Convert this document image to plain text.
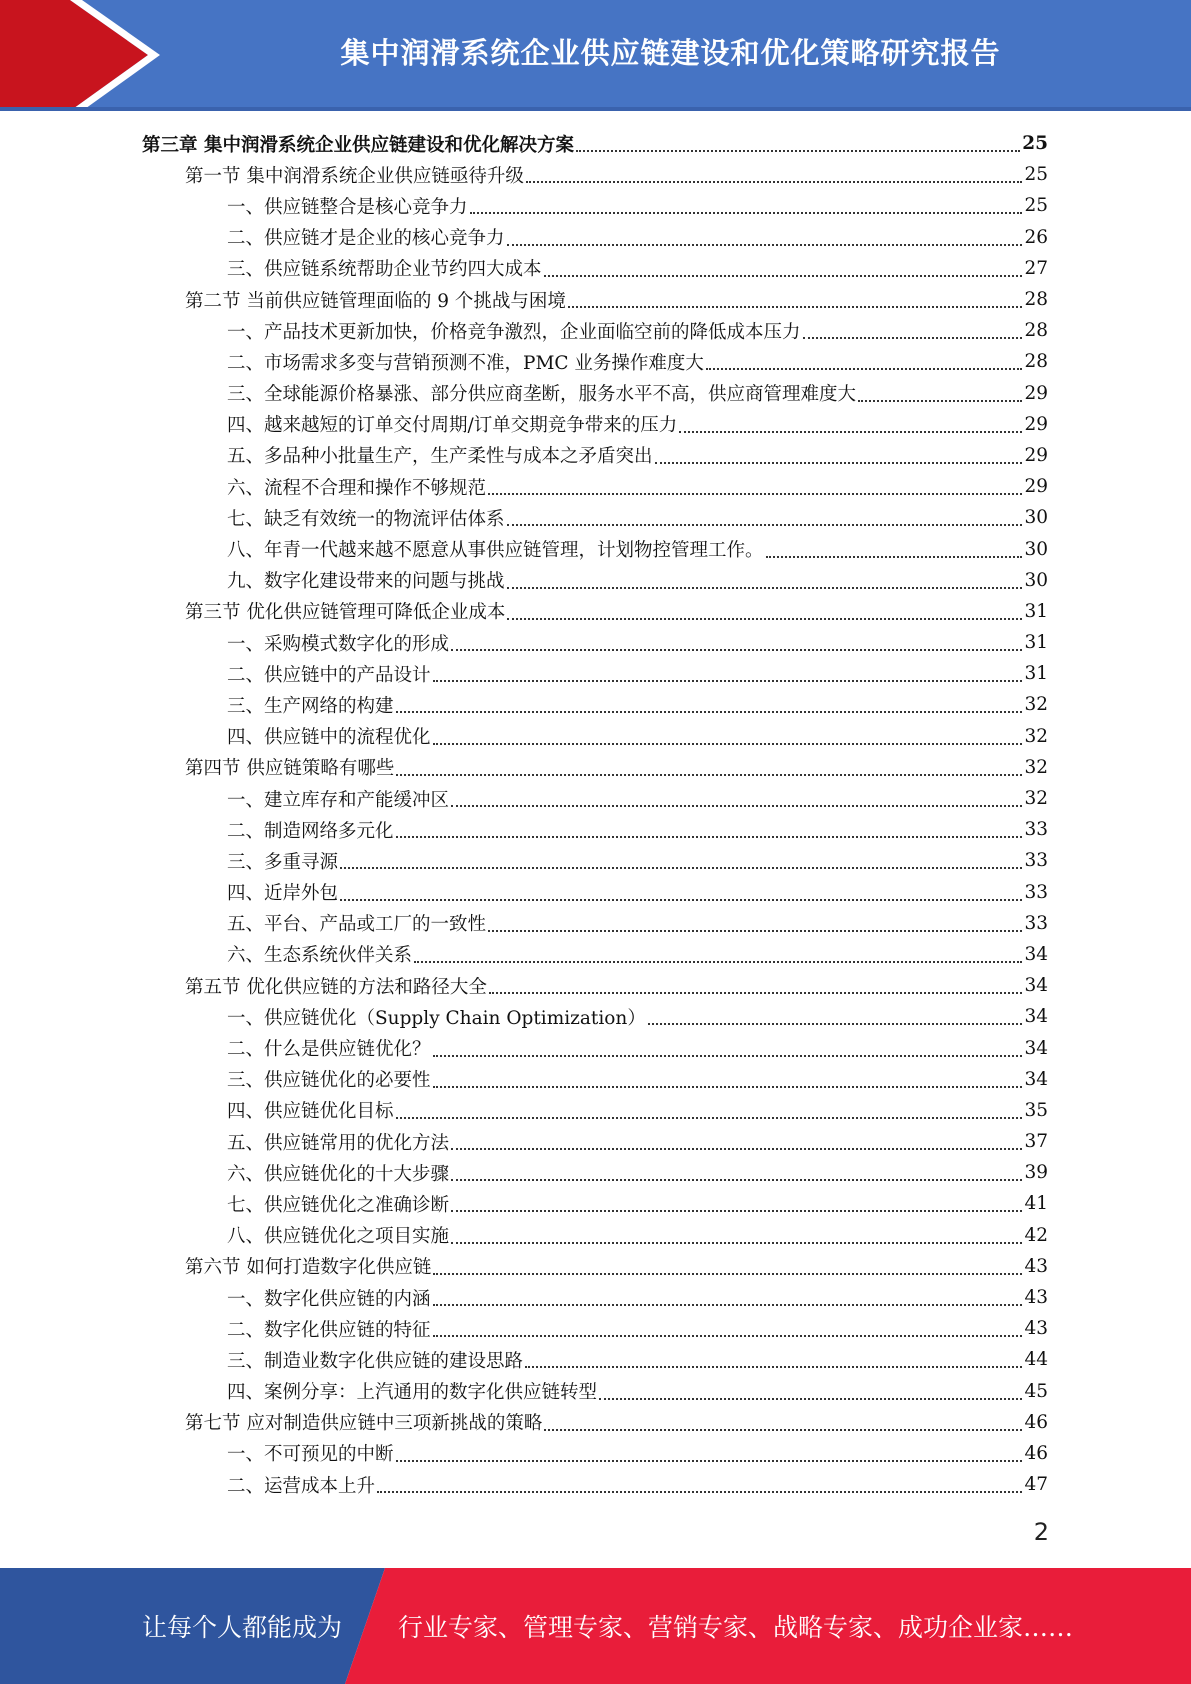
集中润滑系统企业供应链建设和优化策略研究报告
第三章 集中润滑系统企业供应链建设和优化解决方案	25
第一节 集中润滑系统企业供应链亟待升级	25
一、供应链整合是核心竞争力	25
二、供应链才是企业的核心竞争力	26
三、供应链系统帮助企业节约四大成本	27
第二节 当前供应链管理面临的 9 个挑战与困境	28
一、产品技术更新加快，价格竞争激烈，企业面临空前的降低成本压力	28
二、市场需求多变与营销预测不准，PMC 业务操作难度大	28
三、全球能源价格暴涨、部分供应商垄断，服务水平不高，供应商管理难度大	29
四、越来越短的订单交付周期/订单交期竞争带来的压力	29
五、多品种小批量生产，生产柔性与成本之矛盾突出	29
六、流程不合理和操作不够规范	29
七、缺乏有效统一的物流评估体系	30
八、年青一代越来越不愿意从事供应链管理，计划物控管理工作。	30
九、数字化建设带来的问题与挑战	30
第三节 优化供应链管理可降低企业成本	31
一、采购模式数字化的形成	31
二、供应链中的产品设计	31
三、生产网络的构建	32
四、供应链中的流程优化	32
第四节 供应链策略有哪些	32
一、建立库存和产能缓冲区	32
二、制造网络多元化	33
三、多重寻源	33
四、近岸外包	33
五、平台、产品或工厂的一致性	33
六、生态系统伙伴关系	34
第五节 优化供应链的方法和路径大全	34
一、供应链优化（Supply Chain Optimization）	34
二、什么是供应链优化？	34
三、供应链优化的必要性	34
四、供应链优化目标	35
五、供应链常用的优化方法	37
六、供应链优化的十大步骤	39
七、供应链优化之准确诊断	41
八、供应链优化之项目实施	42
第六节 如何打造数字化供应链	43
一、数字化供应链的内涵	43
二、数字化供应链的特征	43
三、制造业数字化供应链的建设思路	44
四、案例分享：上汽通用的数字化供应链转型	45
第七节 应对制造供应链中三项新挑战的策略	46
一、不可预见的中断	46
二、运营成本上升	47
2
让每个人都能成为 行业专家、管理专家、营销专家、战略专家、成功企业家……
